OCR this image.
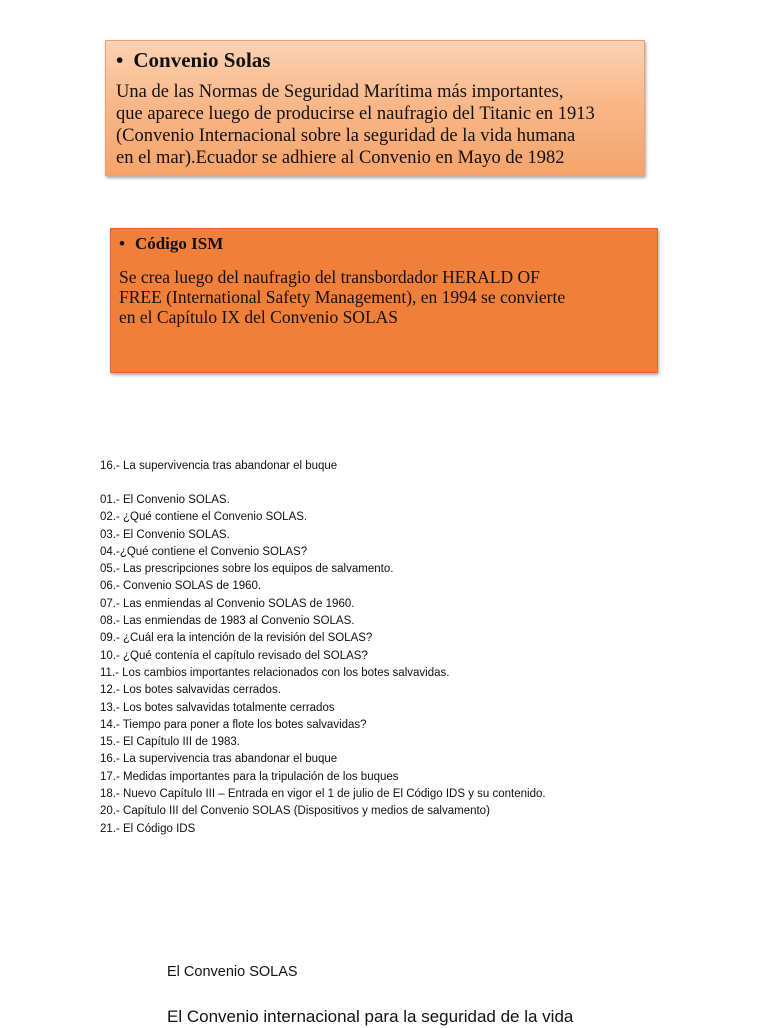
• Convenio Solas
Una de las Normas de Seguridad Marítima más importantes,
que aparece luego de producirse el naufragio del Titanic en 1913
(Convenio Internacional sobre la seguridad de la vida humana
en el mar).Ecuador se adhiere al Convenio en Mayo de 1982
• Código ISM
Se crea luego del naufragio del transbordador HERALD OF
FREE (International Safety Management), en 1994 se convierte
en el Capítulo IX del Convenio SOLAS
16.- La supervivencia tras abandonar el buque
01.- El Convenio SOLAS.
02.- ¿Qué contiene el Convenio SOLAS.
03.- El Convenio SOLAS.
04.-¿Qué contiene el Convenio SOLAS?
05.- Las prescripciones sobre los equipos de salvamento.
06.- Convenio SOLAS de 1960.
07.- Las enmiendas al Convenio SOLAS de 1960.
08.- Las enmiendas de 1983 al Convenio SOLAS.
09.- ¿Cuál era la intención de la revisión del SOLAS?
10.- ¿Qué contenía el capítulo revisado del SOLAS?
11.- Los cambios importantes relacionados con los botes salvavidas.
12.- Los botes salvavidas cerrados.
13.- Los botes salvavidas totalmente cerrados
14.- Tiempo para poner a flote los botes salvavidas?
15.- El Capítulo III de 1983.
16.- La supervivencia tras abandonar el buque
17.- Medidas importantes para la tripulación de los buques
18.- Nuevo Capítulo III – Entrada en vigor el 1 de julio de El Código IDS y su contenido.
20.- Capítulo III del Convenio SOLAS (Dispositivos y medios de salvamento)
21.- El Código IDS
El Convenio SOLAS
El Convenio internacional para la seguridad de la vida
